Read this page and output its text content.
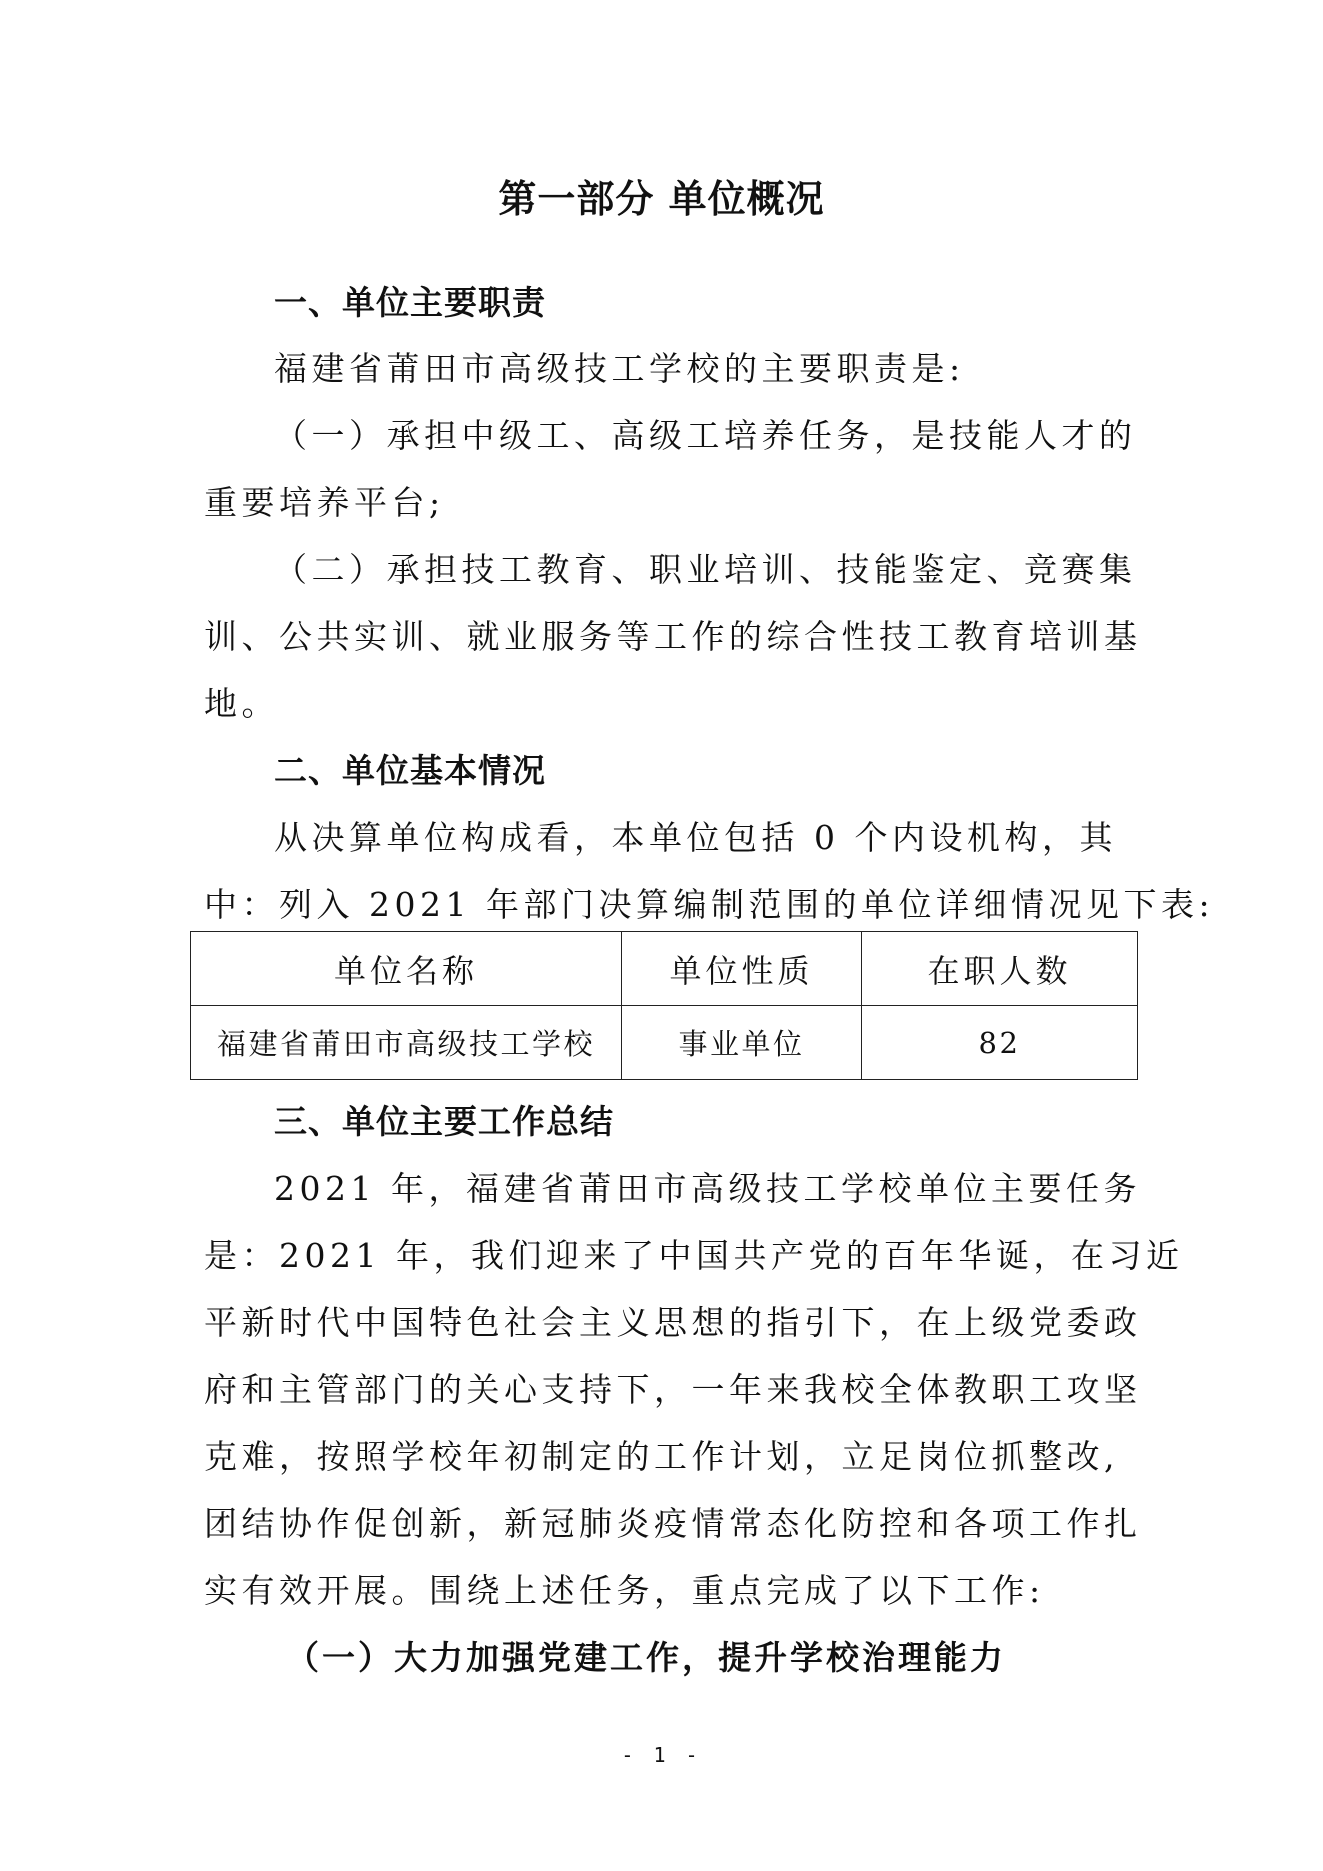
第一部分 单位概况
一、单位主要职责
福建省莆田市高级技工学校的主要职责是:
（一）承担中级工、高级工培养任务，是技能人才的
重要培养平台;
（二）承担技工教育、职业培训、技能鉴定、竞赛集
训、公共实训、就业服务等工作的综合性技工教育培训基
地。
二、单位基本情况
从决算单位构成看，本单位包括 0 个内设机构，其
中：列入 2021 年部门决算编制范围的单位详细情况见下表:
单位名称	单位性质	在职人数
福建省莆田市高级技工学校	事业单位	82
三、单位主要工作总结
2021 年，福建省莆田市高级技工学校单位主要任务
是：2021 年，我们迎来了中国共产党的百年华诞，在习近
平新时代中国特色社会主义思想的指引下，在上级党委政
府和主管部门的关心支持下，一年来我校全体教职工攻坚
克难，按照学校年初制定的工作计划，立足岗位抓整改,
团结协作促创新，新冠肺炎疫情常态化防控和各项工作扎
实有效开展。围绕上述任务，重点完成了以下工作:
（一）大力加强党建工作，提升学校治理能力
- 1 -
